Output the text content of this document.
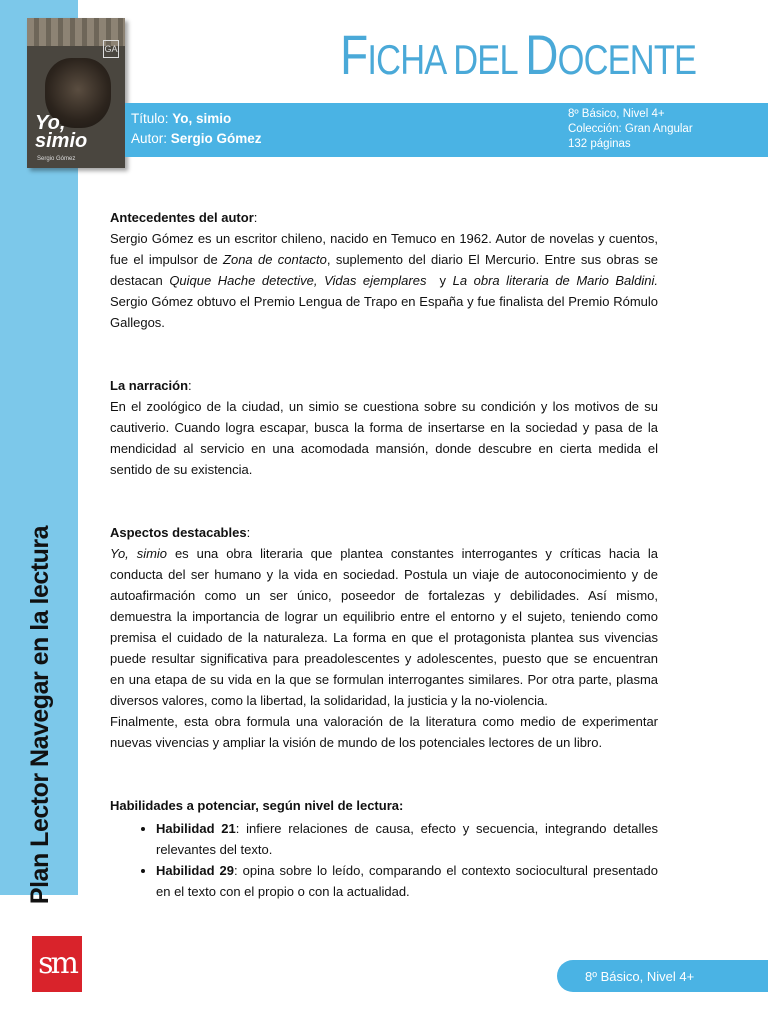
Plan Lector Navegar en la lectura
GA
Yo,
simio
Sergio Gómez
FICHA DEL DOCENTE
Título: Yo, simio
Autor: Sergio Gómez
8º Básico, Nivel 4+
Colección: Gran Angular
132 páginas
Antecedentes del autor:

Sergio Gómez es un escritor chileno, nacido en Temuco en 1962. Autor de novelas y cuentos, fue el impulsor de Zona de contacto, suplemento del diario El Mercurio. Entre sus obras se destacan Quique Hache detective, Vidas ejemplares  y La obra literaria de Mario Baldini. Sergio Gómez obtuvo el Premio Lengua de Trapo en España y fue finalista del Premio Rómulo Gallegos.

La narración:

En el zoológico de la ciudad, un simio se cuestiona sobre su condición y los motivos de su cautiverio. Cuando logra escapar, busca la forma de insertarse en la sociedad y pasa de la mendicidad al servicio en una acomodada mansión, donde descubre en cierta medida el sentido de su existencia.

Aspectos destacables:

Yo, simio es una obra literaria que plantea constantes interrogantes y críticas hacia la conducta del ser humano y la vida en sociedad. Postula un viaje de autoconocimiento y de autoafirmación como un ser único, poseedor de fortalezas y debilidades. Así mismo, demuestra la importancia de lograr un equilibrio entre el entorno y el sujeto, teniendo como premisa el cuidado de la naturaleza. La forma en que el protagonista plantea sus vivencias puede resultar significativa para preadolescentes y adolescentes, puesto que se encuentran en una etapa de su vida en la que se formulan interrogantes similares. Por otra parte, plasma diversos valores, como la libertad, la solidaridad, la justicia y la no-violencia.

Finalmente, esta obra formula una valoración de la literatura como medio de experimentar nuevas vivencias y ampliar la visión de mundo de los potenciales lectores de un libro.

Habilidades a potenciar, según nivel de lectura:
• Habilidad 21: infiere relaciones de causa, efecto y secuencia, integrando detalles relevantes del texto.
• Habilidad 29: opina sobre lo leído, comparando el contexto sociocultural presentado en el texto con el propio o con la actualidad.
sm	8º Básico, Nivel 4+
